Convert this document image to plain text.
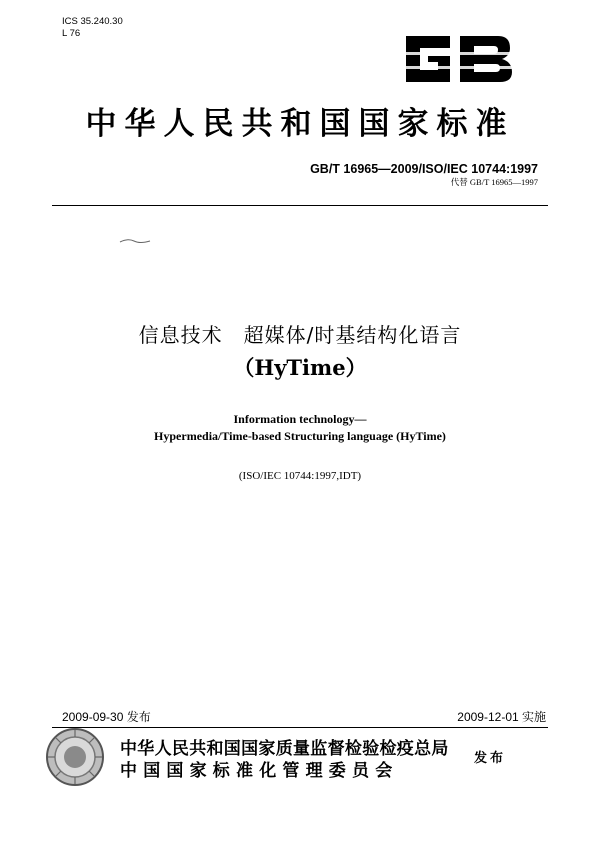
ICS 35.240.30
L 76	GB
中华人民共和国国家标准
GB/T 16965—2009/ISO/IEC 10744:1997
代替 GB/T 16965—1997
信息技术　超媒体/时基结构化语言
（HyTime）
Information technology—
Hypermedia/Time-based Structuring language (HyTime)
(ISO/IEC 10744:1997,IDT)
2009-09-30 发布	2009-12-01 实施
中华人民共和国国家质量监督检验检疫总局
中国国家标准化管理委员会
发布
